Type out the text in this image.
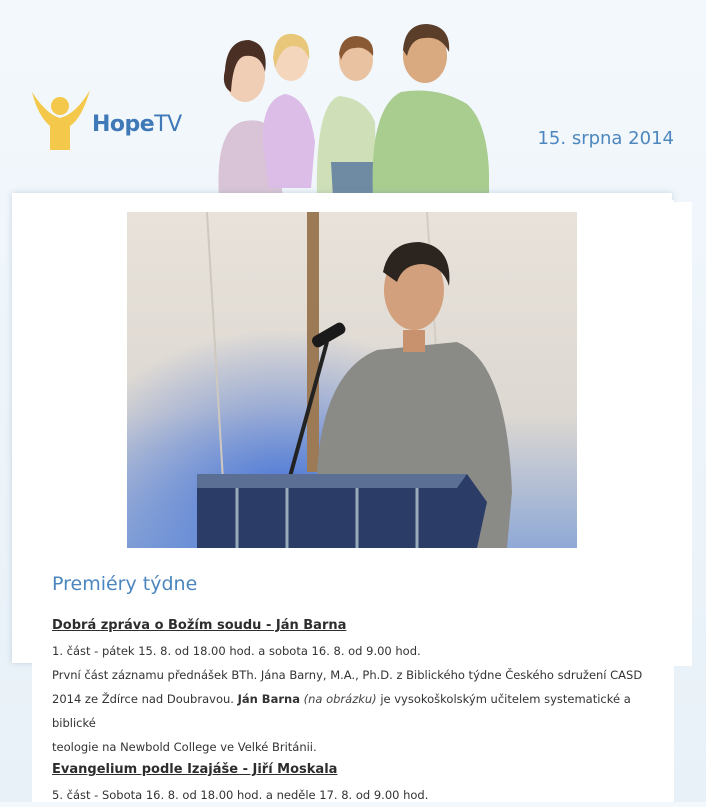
HopeTV
15. srpna 2014
Premiéry týdne
Dobrá zpráva o Božím soudu - Ján Barna
1. část - pátek 15. 8. od 18.00 hod. a sobota 16. 8. od 9.00 hod.
První část záznamu přednášek BTh. Jána Barny, M.A., Ph.D. z Biblického týdne Českého sdružení CASD
2014 ze Ždírce nad Doubravou. Ján Barna (na obrázku) je vysokoškolským učitelem systematické a biblické
teologie na Newbold College ve Velké Británii.
Evangelium podle Izajáše - Jiří Moskala
5. část - Sobota 16. 8. od 18.00 hod. a neděle 17. 8. od 9.00 hod.
